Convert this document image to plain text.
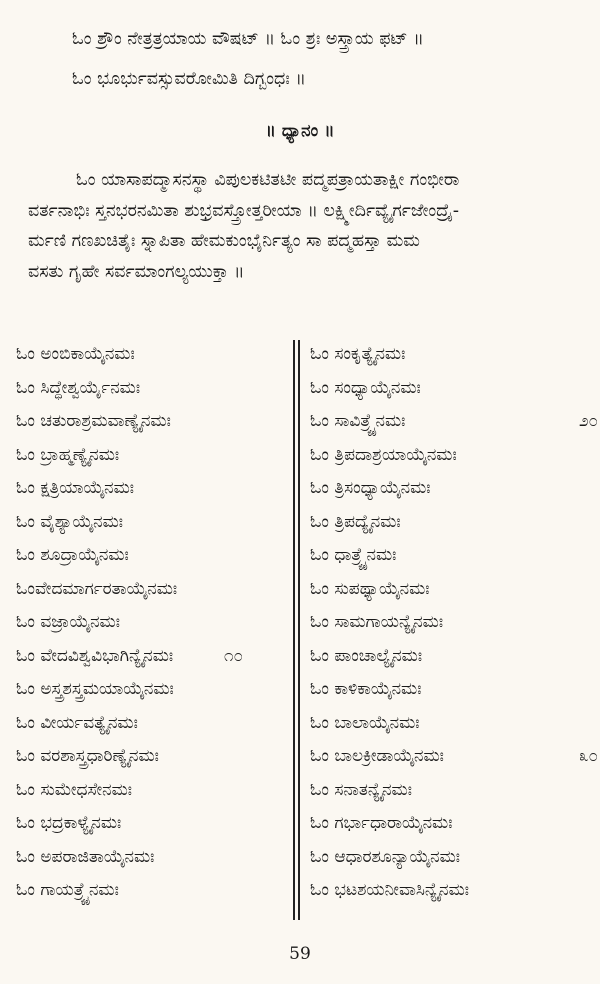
ಓಂ ಶ್ರೌಂ ನೇತ್ರತ್ರಯಾಯ ವೌಷಟ್ ॥ ಓಂ ಶ್ರಃ ಅಸ್ತ್ರಾಯ ಫಟ್ ॥
ಓಂ ಭೂರ್ಭುವಸ್ಸುವರೋಮಿತಿ ದಿಗ್ಬಂಧಃ ॥
॥ ಧ್ಯಾನಂ ॥
ಓಂ ಯಾಸಾಪದ್ಮಾಸನಸ್ಥಾ ವಿಪುಲಕಟಿತಟೀ ಪದ್ಮಪತ್ರಾಯತಾಕ್ಷೀ ಗಂಭೀರಾ
ವರ್ತನಾಭಿಃ ಸ್ತನಭರನಮಿತಾ ಶುಭ್ರವಸ್ತ್ರೋತ್ತರೀಯಾ ॥ ಲಕ್ಷ್ಮೀರ್ದಿವ್ಯೈರ್ಗಜೇಂದ್ರೈ-
ರ್ಮಣಿ ಗಣಖಚಿತೈಃ ಸ್ನಾಪಿತಾ ಹೇಮಕುಂಭೈರ್ನಿತ್ಯಂ ಸಾ ಪದ್ಮಹಸ್ತಾ ಮಮ
ವಸತು ಗೃಹೇ ಸರ್ವಮಾಂಗಲ್ಯಯುಕ್ತಾ ॥
ಓಂ ಅಂಬಿಕಾಯೈನಮಃ
ಓಂ ಸಿದ್ಧೇಶ್ವರ್ಯೈನಮಃ
ಓಂ ಚತುರಾಶ್ರಮವಾಣ್ಯೈನಮಃ
ಓಂ ಬ್ರಾಹ್ಮಣ್ಯೈನಮಃ
ಓಂ ಕ್ಷತ್ರಿಯಾಯೈನಮಃ
ಓಂ ವೈಶ್ಯಾಯೈನಮಃ
ಓಂ ಶೂದ್ರಾಯೈನಮಃ
ಓಂವೇದಮಾರ್ಗರತಾಯೈನಮಃ
ಓಂ ವಜ್ರಾಯೈನಮಃ
ಓಂ ವೇದವಿಶ್ವವಿಭಾಗಿನ್ಯೈನಮಃ	೧೦
ಓಂ ಅಸ್ತ್ರಶಸ್ತ್ರಮಯಾಯೈನಮಃ
ಓಂ ವೀರ್ಯವತ್ಯೈನಮಃ
ಓಂ ವರಶಾಸ್ತ್ರಧಾರಿಣ್ಯೈನಮಃ
ಓಂ ಸುಮೇಧಸೇನಮಃ
ಓಂ ಭದ್ರಕಾಳ್ಯೈನಮಃ
ಓಂ ಅಪರಾಜಿತಾಯೈನಮಃ
ಓಂ ಗಾಯತ್ರ್ಯೈನಮಃ
ಓಂ ಸಂಕೃತ್ಯೈನಮಃ
ಓಂ ಸಂಧ್ಯಾಯೈನಮಃ
ಓಂ ಸಾವಿತ್ರ್ಯೈನಮಃ	೨೦
ಓಂ ತ್ರಿಪದಾಶ್ರಯಾಯೈನಮಃ
ಓಂ ತ್ರಿಸಂಧ್ಯಾಯೈನಮಃ
ಓಂ ತ್ರಿಪದ್ಯೈನಮಃ
ಓಂ ಧಾತ್ರ್ಯೈನಮಃ
ಓಂ ಸುಪಥ್ಯಾಯೈನಮಃ
ಓಂ ಸಾಮಗಾಯನ್ಯೈನಮಃ
ಓಂ ಪಾಂಚಾಲ್ಯೈನಮಃ
ಓಂ ಕಾಳಿಕಾಯೈನಮಃ
ಓಂ ಬಾಲಾಯೈನಮಃ
ಓಂ ಬಾಲಕ್ರೀಡಾಯೈನಮಃ	೩೦
ಓಂ ಸನಾತನ್ಯೈನಮಃ
ಓಂ ಗರ್ಭಾಧಾರಾಯೈನಮಃ
ಓಂ ಆಧಾರಶೂನ್ಯಾಯೈನಮಃ
ಓಂ ಭಟಶಯನೀವಾಸಿನ್ಯೈನಮಃ
59
